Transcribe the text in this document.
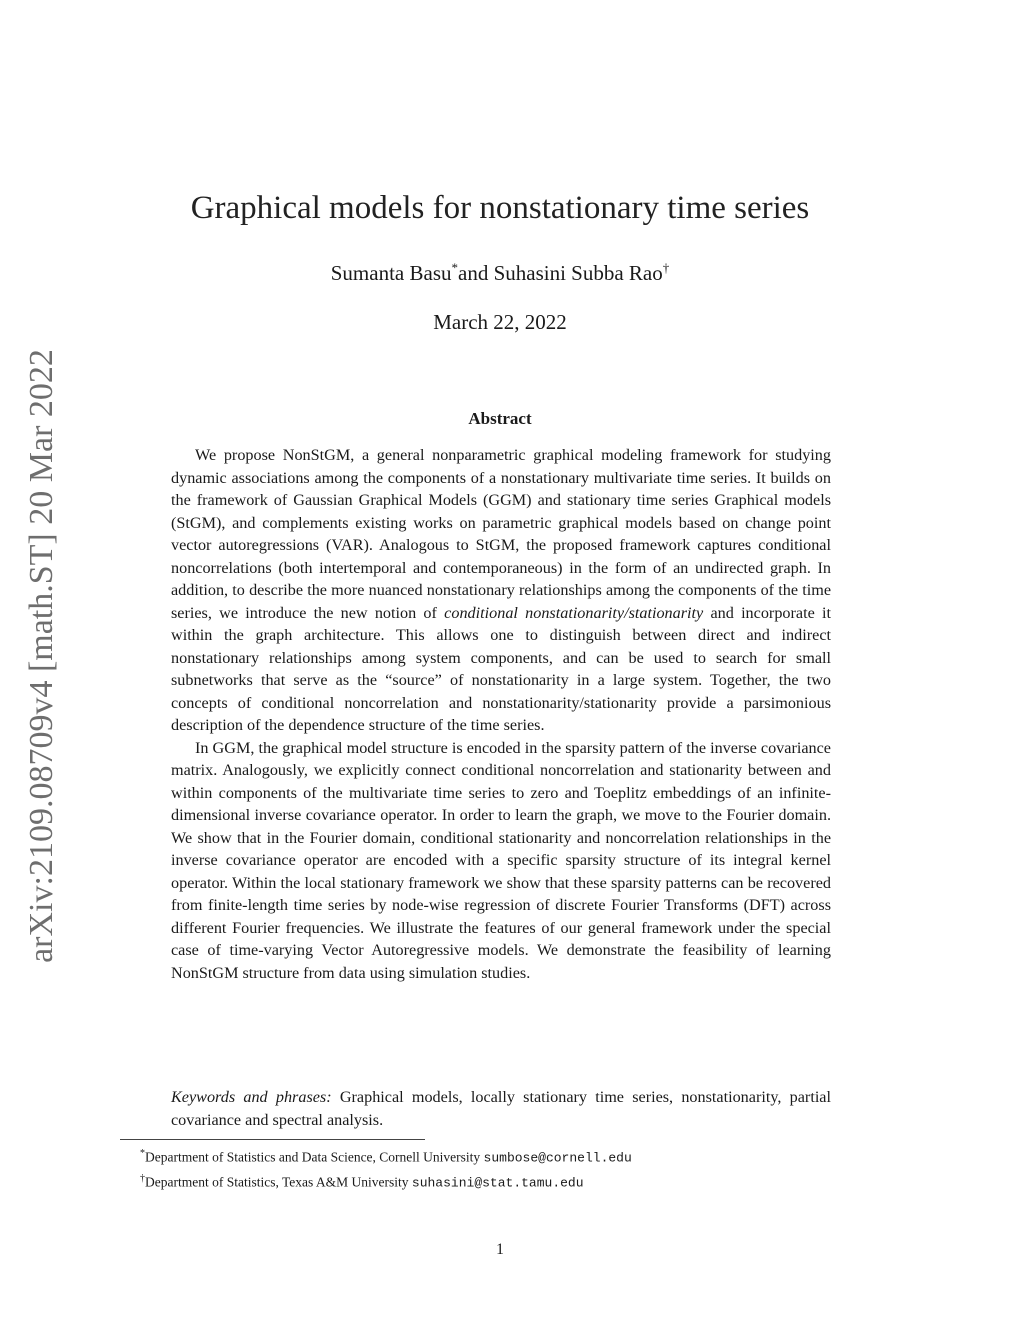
arXiv:2109.08709v4 [math.ST] 20 Mar 2022
Graphical models for nonstationary time series
Sumanta Basu*and Suhasini Subba Rao†
March 22, 2022
Abstract

We propose NonStGM, a general nonparametric graphical modeling framework for studying dynamic associations among the components of a nonstationary multivariate time series. It builds on the framework of Gaussian Graphical Models (GGM) and stationary time series Graphical models (StGM), and complements existing works on parametric graphical models based on change point vector autoregressions (VAR). Analogous to StGM, the proposed framework captures conditional noncorrelations (both intertemporal and contemporaneous) in the form of an undirected graph. In addition, to describe the more nuanced nonstationary relationships among the components of the time series, we introduce the new notion of conditional nonstationarity/stationarity and incorporate it within the graph architecture. This allows one to distinguish between direct and indirect nonstationary relationships among system components, and can be used to search for small subnetworks that serve as the “source” of nonstationarity in a large system. Together, the two concepts of conditional noncorrelation and nonstationarity/stationarity provide a parsimonious description of the dependence structure of the time series.

In GGM, the graphical model structure is encoded in the sparsity pattern of the inverse covariance matrix. Analogously, we explicitly connect conditional noncorrelation and stationarity between and within components of the multivariate time series to zero and Toeplitz embeddings of an infinite-dimensional inverse covariance operator. In order to learn the graph, we move to the Fourier domain. We show that in the Fourier domain, conditional stationarity and noncorrelation relationships in the inverse covariance operator are encoded with a specific sparsity structure of its integral kernel operator. Within the local stationary framework we show that these sparsity patterns can be recovered from finite-length time series by node-wise regression of discrete Fourier Transforms (DFT) across different Fourier frequencies. We illustrate the features of our general framework under the special case of time-varying Vector Autoregressive models. We demonstrate the feasibility of learning NonStGM structure from data using simulation studies.

Keywords and phrases: Graphical models, locally stationary time series, nonstationarity, partial covariance and spectral analysis.

*Department of Statistics and Data Science, Cornell University sumbose@cornell.edu
†Department of Statistics, Texas A&M University suhasini@stat.tamu.edu
1
